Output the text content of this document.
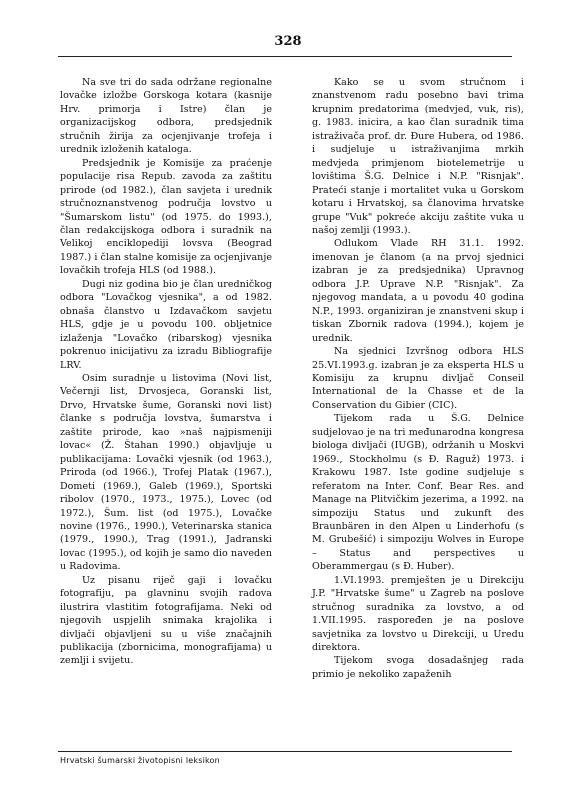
328

Na sve tri do sada održane regionalne lovačke izložbe Gorskoga kotara (kasnije Hrv. primorja i Istre) član je organizacijskog odbora, predsjednik stručnih žirija za ocjenjivanje trofeja i urednik izloženih kataloga.

Predsjednik je Komisije za praćenje populacije risa Repub. zavoda za zaštitu prirode (od 1982.), član savjeta i urednik stručnoznanstvenog područja lovstvo u "Šumarskom listu" (od 1975. do 1993.), član redakcijskoga odbora i suradnik na Velikoj enciklopediji lovsva (Beograd 1987.) i član stalne komisije za ocjenjivanje lovačkih trofeja HLS (od 1988.).

Dugi niz godina bio je član uredničkog odbora "Lovačkog vjesnika", a od 1982. obnaša članstvo u Izdavačkom savjetu HLS, gdje je u povodu 100. obljetnice izlaženja "Lovačko (ribarskog) vjesnika pokrenuo inicijativu za izradu Bibliografije LRV.

Osim suradnje u listovima (Novi list, Večernji list, Drvosjeca, Goranski list, Drvo, Hrvatske šume, Goranski novi list) članke s područja lovstva, šumarstva i zaštite prirode, kao »naš najpismeniji lovac« (Ž. Štahan 1990.) objavljuje u publikacijama: Lovački vjesnik (od 1963.), Priroda (od 1966.), Trofej Platak (1967.), Dometi (1969.), Galeb (1969.), Sportski ribolov (1970., 1973., 1975.), Lovec (od 1972.), Šum. list (od 1975.), Lovačke novine (1976., 1990.), Veterinarska stanica (1979., 1990.), Trag (1991.), Jadranski lovac (1995.), od kojih je samo dio naveden u Radovima.

Uz pisanu riječ gaji i lovačku fotografiju, pa glavninu svojih radova ilustrira vlastitim fotografijama. Neki od njegovih uspjelih snimaka krajolika i divljači objavljeni su u više značajnih publikacija (zbornicima, monografijama) u zemlji i svijetu.

Kako se u svom stručnom i znanstvenom radu posebno bavi trima krupnim predatorima (medvjed, vuk, ris), g. 1983. inicira, a kao član suradnik tima istraživača prof. dr. Đure Hubera, od 1986. i sudjeluje u istraživanjima mrkih medvjeda primjenom biotelemetrije u lovištima Š.G. Delnice i N.P. "Risnjak". Prateći stanje i mortalitet vuka u Gorskom kotaru i Hrvatskoj, sa članovima hrvatske grupe "Vuk" pokreće akciju zaštite vuka u našoj zemlji (1993.).

Odlukom Vlade RH 31.1. 1992. imenovan je članom (a na prvoj sjednici izabran je za predsjednika) Upravnog odbora J.P. Uprave N.P. "Risnjak". Za njegovog mandata, a u povodu 40 godina N.P., 1993. organiziran je znanstveni skup i tiskan Zbornik radova (1994.), kojem je urednik.

Na sjednici Izvršnog odbora HLS 25.VI.1993.g. izabran je za eksperta HLS u Komisiju za krupnu divljač Conseil International de la Chasse et de la Conservation du Gibier (CIC).

Tijekom rada u Š.G. Delnice sudjelovao je na tri međunarodna kongresa biologa divljači (IUGB), održanih u Moskvi 1969., Stockholmu (s Đ. Raguž) 1973. i Krakowu 1987. Iste godine sudjeluje s referatom na Inter. Conf. Bear Res. and Manage na Plitvičkim jezerima, a 1992. na simpoziju Status und zukunft des Braunbären in den Alpen u Linderhofu (s M. Grubešić) i simpoziju Wolves in Europe – Status and perspectives u Oberammergau (s Đ. Huber).

1.VI.1993. premješten je u Direkciju J.P. "Hrvatske šume" u Zagreb na poslove stručnog suradnika za lovstvo, a od 1.VII.1995. raspoređen je na poslove savjetnika za lovstvo u Direkciji, u Uredu direktora.

Tijekom svoga dosadašnjeg rada primio je nekoliko zapaženih

Hrvatski šumarski životopisni leksikon
